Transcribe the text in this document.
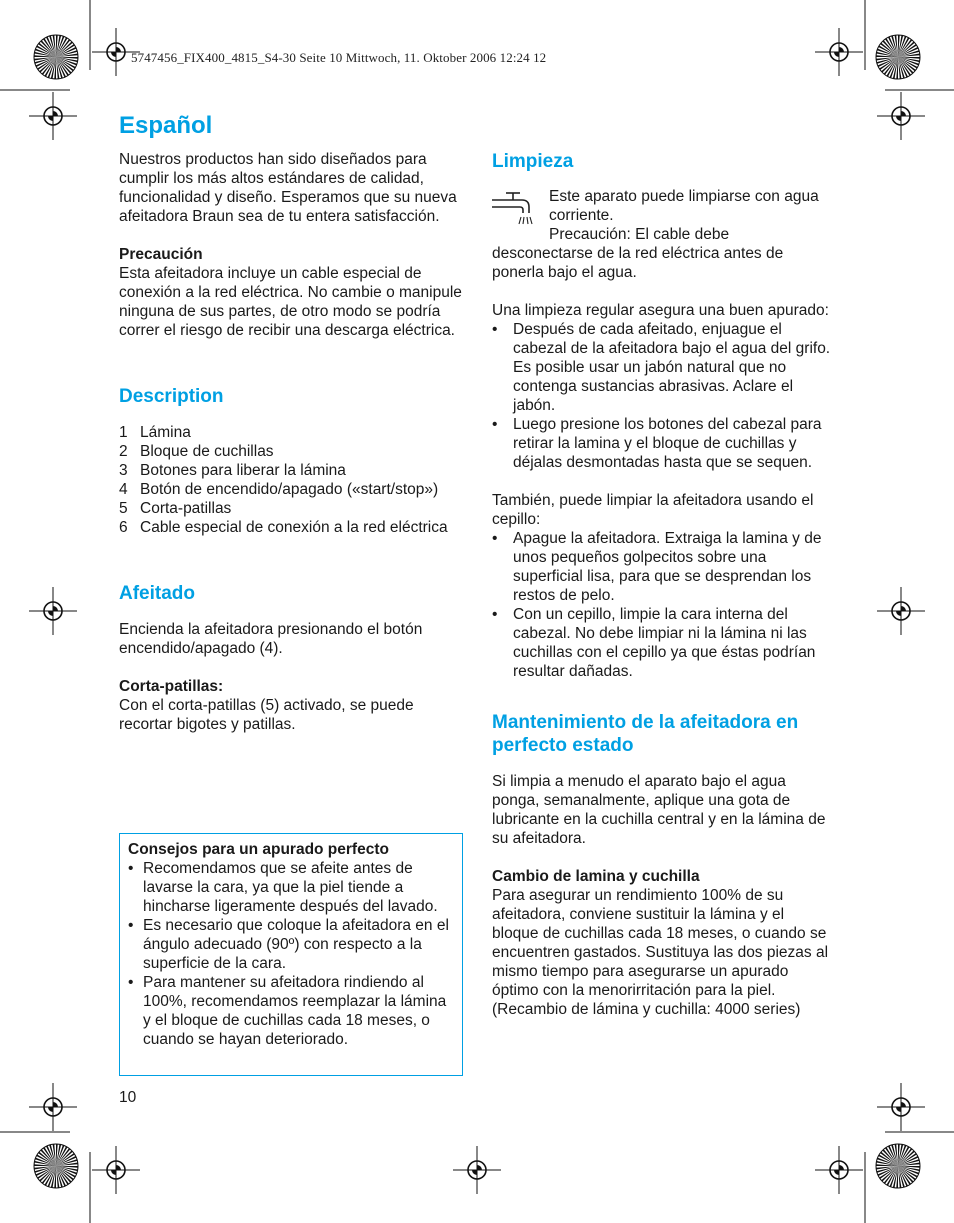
5747456_FIX400_4815_S4-30 Seite 10 Mittwoch, 11. Oktober 2006 12:24 12
Español

Nuestros productos han sido diseñados para cumplir los más altos estándares de calidad, funcionalidad y diseño. Esperamos que su nueva afeitadora Braun sea de tu entera satisfacción.

Precaución

Esta afeitadora incluye un cable especial de conexión a la red eléctrica. No cambie o manipule ninguna de sus partes, de otro modo se podría correr el riesgo de recibir una descarga eléctrica.

Description
1 Lámina
2 Bloque de cuchillas
3 Botones para liberar la lámina
4 Botón de encendido/apagado («start/stop»)
5 Corta-patillas
6 Cable especial de conexión a la red eléctrica
Afeitado

Encienda la afeitadora presionando el botón encendido/apagado (4).

Corta-patillas:

Con el corta-patillas (5) activado, se puede recortar bigotes y patillas.

Consejos para un apurado perfecto
• Recomendamos que se afeite antes de lavarse la cara, ya que la piel tiende a hincharse ligeramente después del lavado.
• Es necesario que coloque la afeitadora en el ángulo adecuado (90º) con respecto a la superficie de la cara.
• Para mantener su afeitadora rindiendo al 100%, recomendamos reemplazar la lámina y el bloque de cuchillas cada 18 meses, o cuando se hayan deteriorado.
10
Limpieza

Este aparato puede limpiarse con agua corriente.

Precaución: El cable debe desconectarse de la red eléctrica antes de ponerla bajo el agua.

Una limpieza regular asegura una buen apurado:

• Después de cada afeitado, enjuague el cabezal de la afeitadora bajo el agua del grifo. Es posible usar un jabón natural que no contenga sustancias abrasivas. Aclare el jabón.
• Luego presione los botones del cabezal para retirar la lamina y el bloque de cuchillas y déjalas desmontadas hasta que se sequen.

También, puede limpiar la afeitadora usando el cepillo:

• Apague la afeitadora. Extraiga la lamina y de unos pequeños golpecitos sobre una superficial lisa, para que se desprendan los restos de pelo.
• Con un cepillo, limpie la cara interna del cabezal. No debe limpiar ni la lámina ni las cuchillas con el cepillo ya que éstas podrían resultar dañadas.
Mantenimiento de la afeitadora en perfecto estado

Si limpia a menudo el aparato bajo el agua ponga, semanalmente, aplique una gota de lubricante en la cuchilla central y en la lámina de su afeitadora.

Cambio de lamina y cuchilla

Para asegurar un rendimiento 100% de su afeitadora, conviene sustituir la lámina y el bloque de cuchillas cada 18 meses, o cuando se encuentren gastados. Sustituya las dos piezas al mismo tiempo para asegurarse un apurado óptimo con la menorirritación para la piel.

(Recambio de lámina y cuchilla: 4000 series)
